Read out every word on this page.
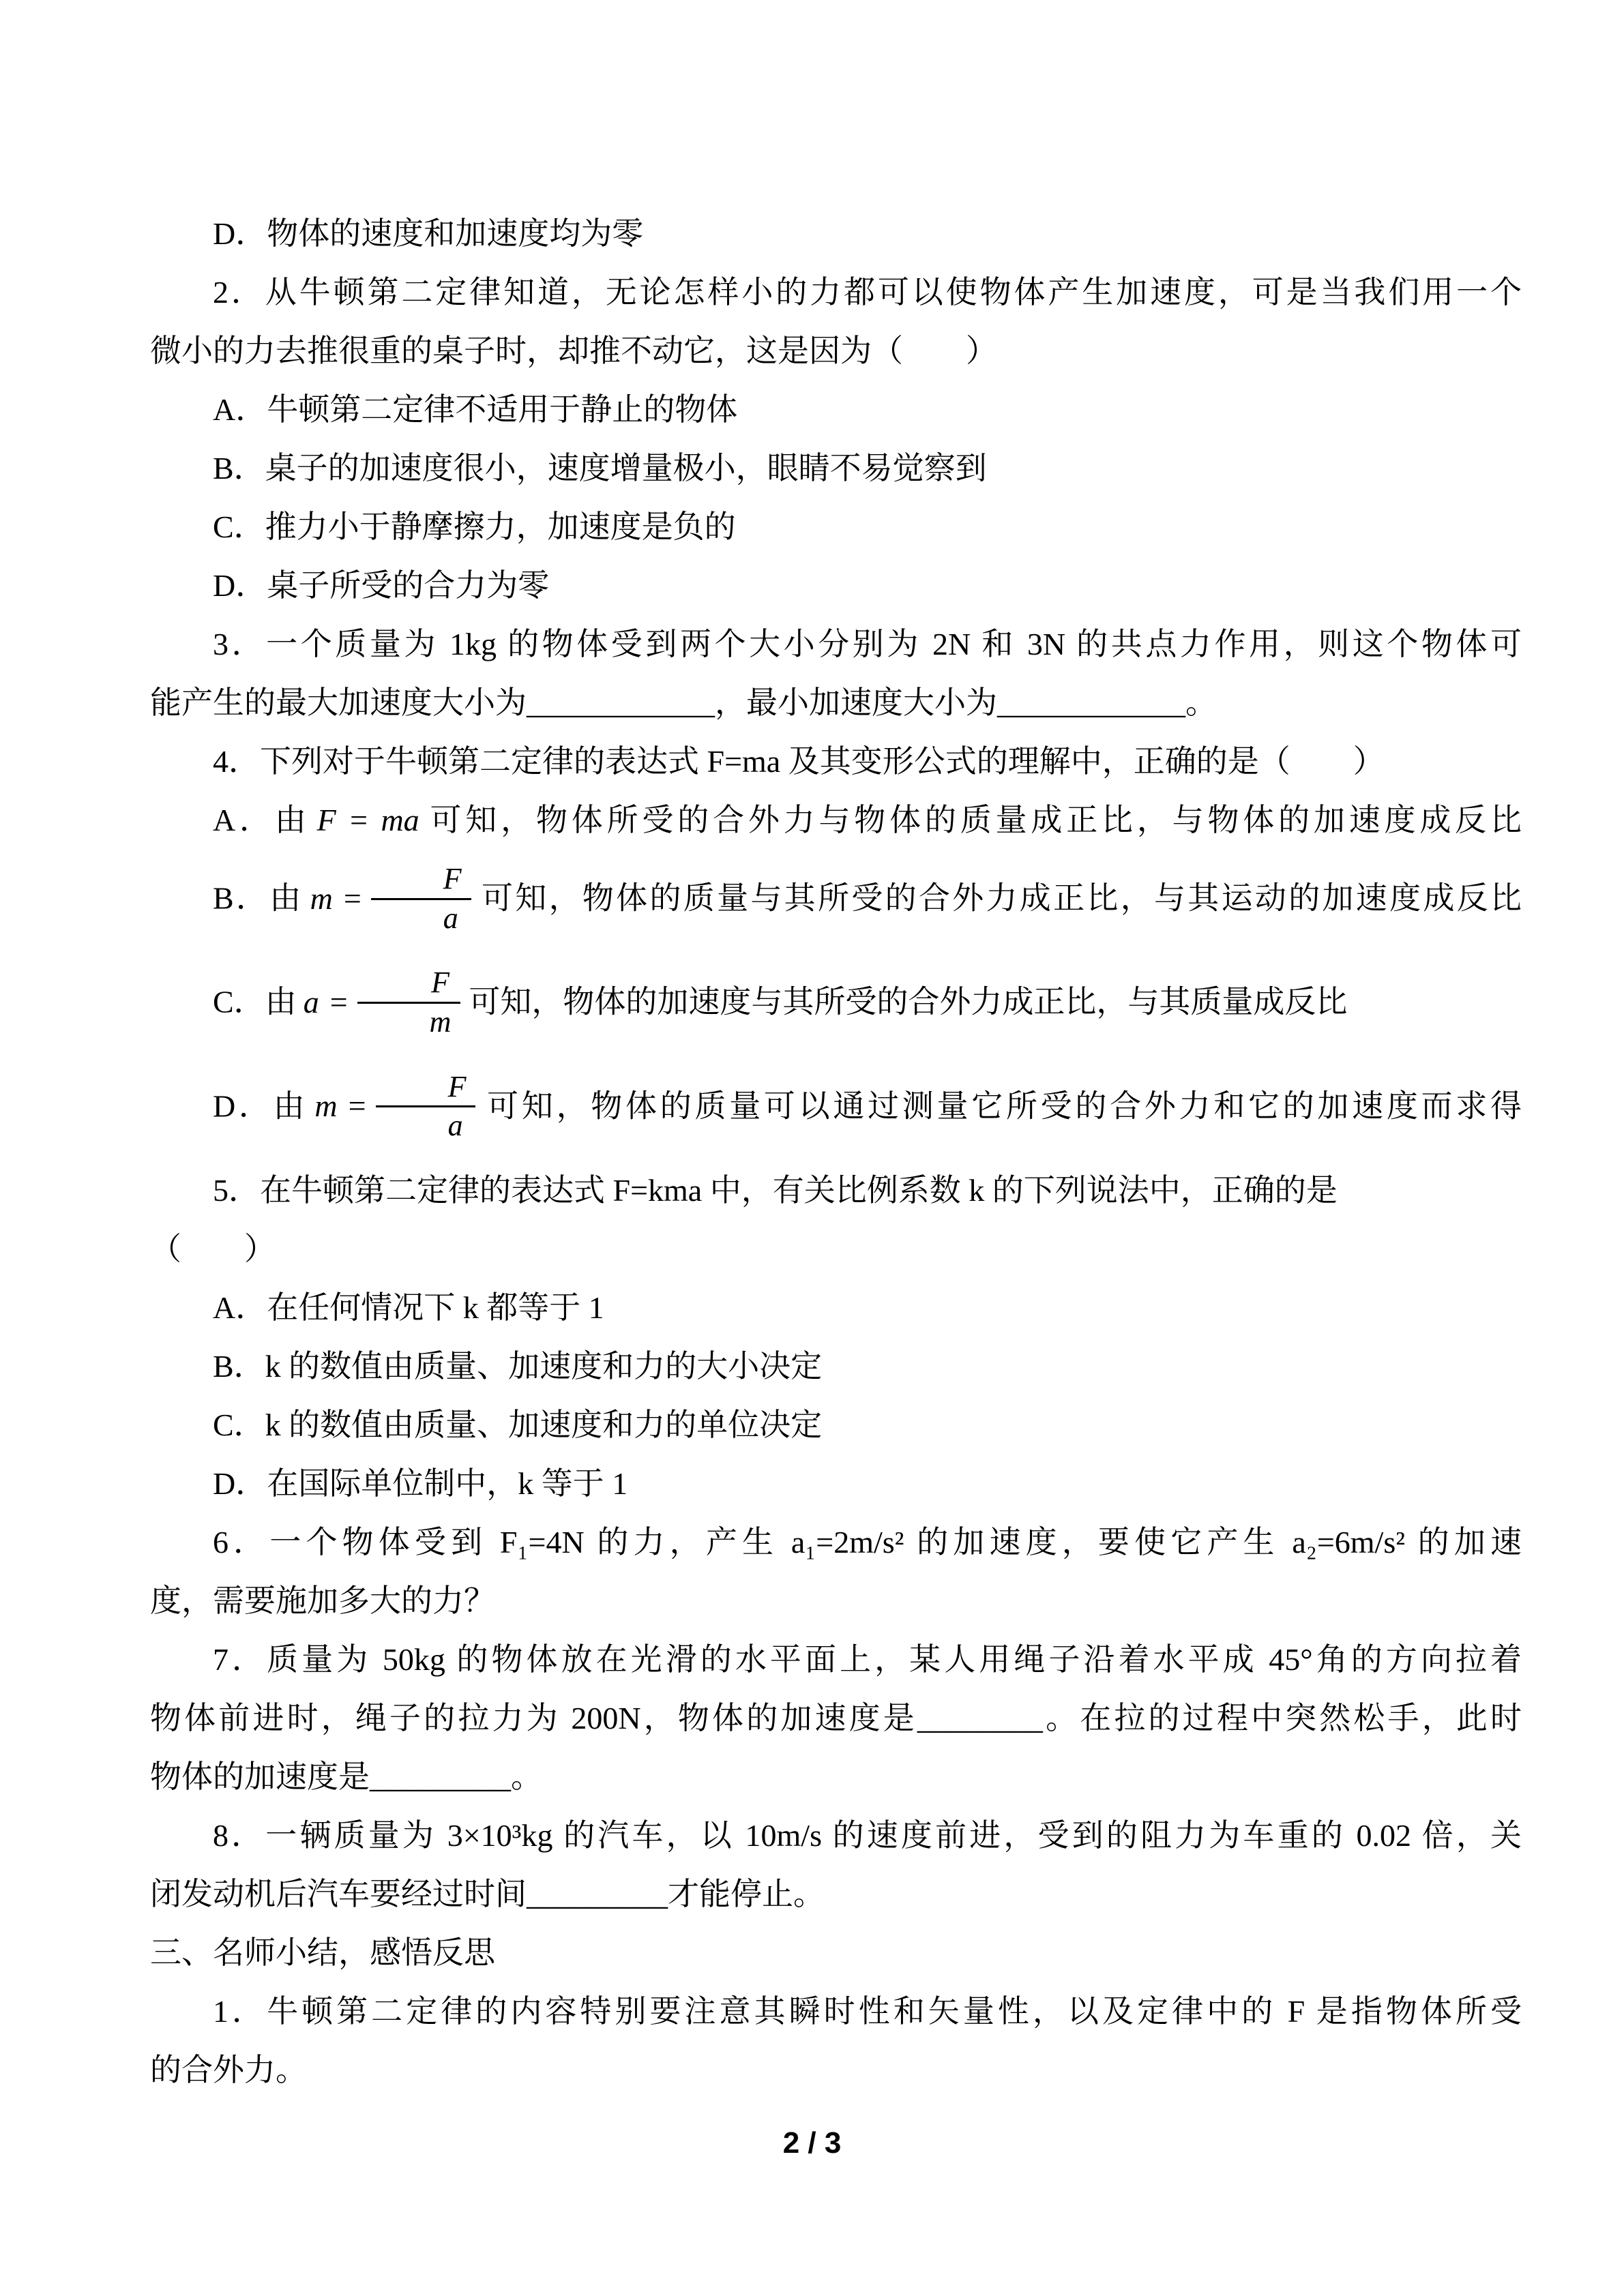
D．物体的速度和加速度均为零

2．从牛顿第二定律知道，无论怎样小的力都可以使物体产生加速度，可是当我们用一个

微小的力去推很重的桌子时，却推不动它，这是因为（　　）

A．牛顿第二定律不适用于静止的物体

B．桌子的加速度很小，速度增量极小，眼睛不易觉察到

C．推力小于静摩擦力，加速度是负的

D．桌子所受的合力为零

3．一个质量为 1kg 的物体受到两个大小分别为 2N 和 3N 的共点力作用，则这个物体可

能产生的最大加速度大小为____________，最小加速度大小为____________。

4．下列对于牛顿第二定律的表达式 F=ma 及其变形公式的理解中，正确的是（　　）

A．由 F = ma 可知，物体所受的合外力与物体的质量成正比，与物体的加速度成反比

B．由 $m = \frac{F}{a}$ 可知，物体的质量与其所受的合外力成正比，与其运动的加速度成反比

C．由 $a = \frac{F}{m}$ 可知，物体的加速度与其所受的合外力成正比，与其质量成反比

D．由 $m = \frac{F}{a}$ 可知，物体的质量可以通过测量它所受的合外力和它的加速度而求得

5．在牛顿第二定律的表达式 F=kma 中，有关比例系数 k 的下列说法中，正确的是

（　　）

A．在任何情况下 k 都等于 1

B．k 的数值由质量、加速度和力的大小决定

C．k 的数值由质量、加速度和力的单位决定

D．在国际单位制中，k 等于 1

6．一个物体受到 F₁=4N 的力，产生 a₁=2m/s² 的加速度，要使它产生 a₂=6m/s² 的加速

度，需要施加多大的力？

7．质量为 50kg 的物体放在光滑的水平面上，某人用绳子沿着水平成 45°角的方向拉着

物体前进时，绳子的拉力为 200N，物体的加速度是________。在拉的过程中突然松手，此时

物体的加速度是_________。

8．一辆质量为 3×10³kg 的汽车，以 10m/s 的速度前进，受到的阻力为车重的 0.02 倍，关

闭发动机后汽车要经过时间_________才能停止。

三、名师小结，感悟反思

1．牛顿第二定律的内容特别要注意其瞬时性和矢量性，以及定律中的 F 是指物体所受

的合外力。

2 / 3
